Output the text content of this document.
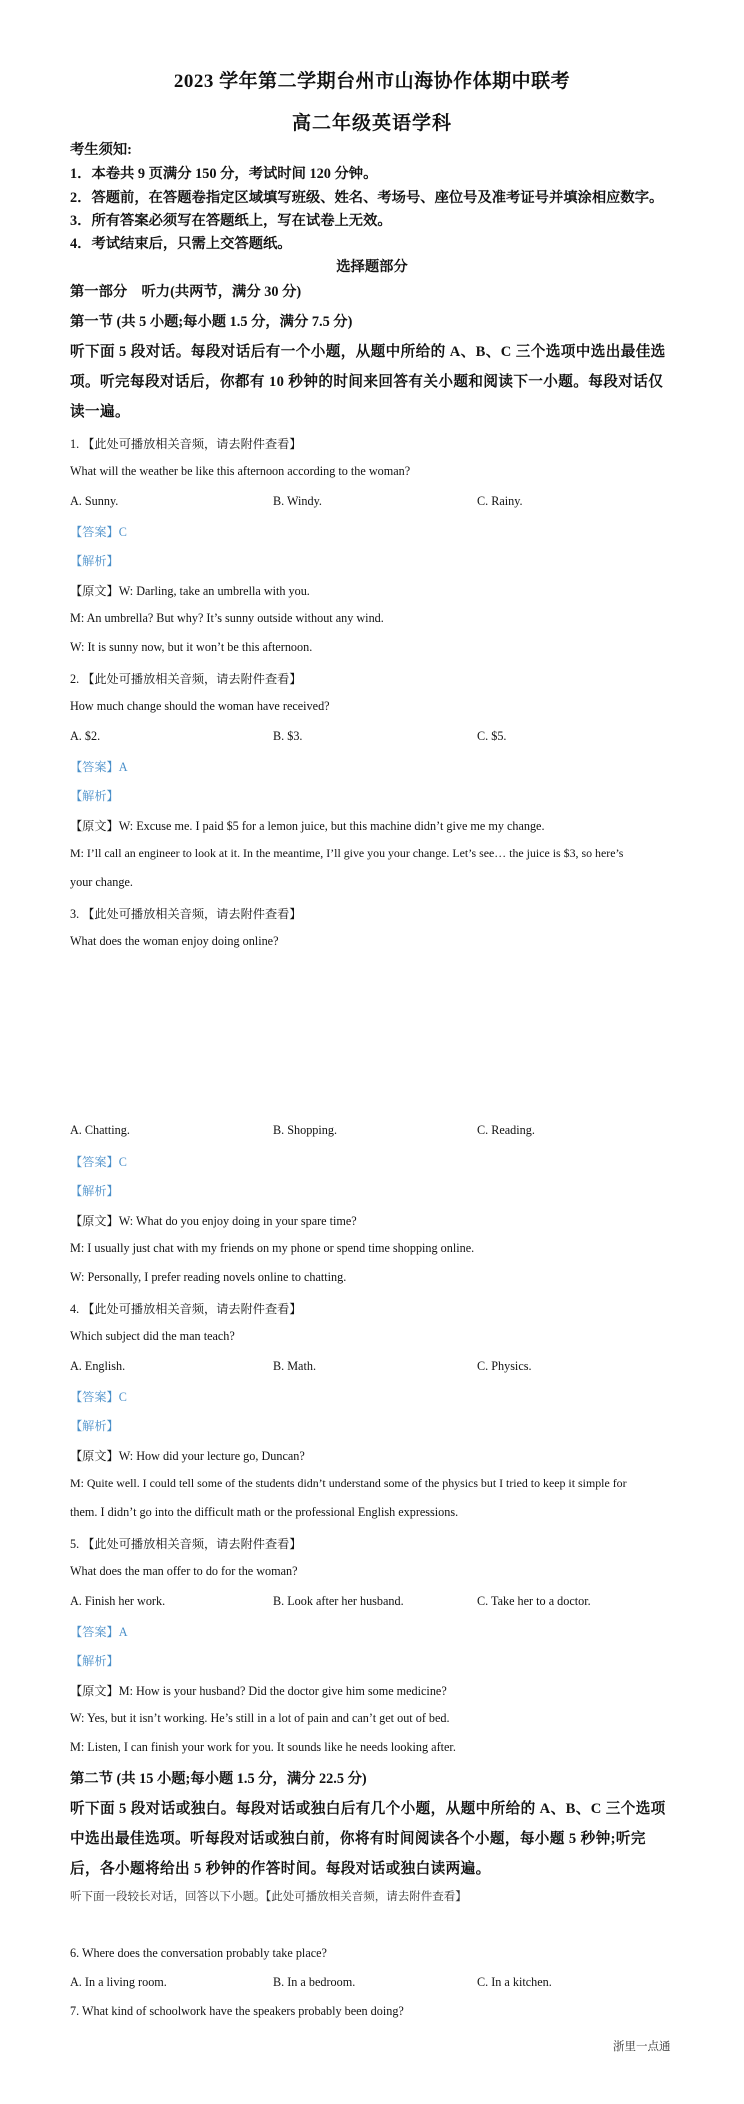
2023 学年第二学期台州市山海协作体期中联考
高二年级英语学科
考生须知:
1．本卷共 9 页满分 150 分，考试时间 120 分钟。
2．答题前，在答题卷指定区域填写班级、姓名、考场号、座位号及准考证号并填涂相应数字。
3．所有答案必须写在答题纸上，写在试卷上无效。
4．考试结束后，只需上交答题纸。
选择题部分
第一部分　听力(共两节，满分 30 分)
第一节 (共 5 小题;每小题 1.5 分，满分 7.5 分)
听下面 5 段对话。每段对话后有一个小题，从题中所给的 A、B、C 三个选项中选出最佳选
项。听完每段对话后，你都有 10 秒钟的时间来回答有关小题和阅读下一小题。每段对话仅
读一遍。
1. 【此处可播放相关音频，请去附件查看】
What will the weather be like this afternoon according to the woman?
A. Sunny.	B. Windy.	C. Rainy.
【答案】C
【解析】
【原文】W: Darling, take an umbrella with you.
M: An umbrella? But why? It’s sunny outside without any wind.
W: It is sunny now, but it won’t be this afternoon.
2. 【此处可播放相关音频，请去附件查看】
How much change should the woman have received?
A. $2.	B. $3.	C. $5.
【答案】A
【解析】
【原文】W: Excuse me. I paid $5 for a lemon juice, but this machine didn’t give me my change.
M: I’ll call an engineer to look at it. In the meantime, I’ll give you your change. Let’s see… the juice is $3, so here’s
your change.
3. 【此处可播放相关音频，请去附件查看】
What does the woman enjoy doing online?
A. Chatting.	B. Shopping.	C. Reading.
【答案】C
【解析】
【原文】W: What do you enjoy doing in your spare time?
M: I usually just chat with my friends on my phone or spend time shopping online.
W: Personally, I prefer reading novels online to chatting.
4. 【此处可播放相关音频，请去附件查看】
Which subject did the man teach?
A. English.	B. Math.	C. Physics.
【答案】C
【解析】
【原文】W: How did your lecture go, Duncan?
M: Quite well. I could tell some of the students didn’t understand some of the physics but I tried to keep it simple for
them. I didn’t go into the difficult math or the professional English expressions.
5. 【此处可播放相关音频，请去附件查看】
What does the man offer to do for the woman?
A. Finish her work.	B. Look after her husband.	C. Take her to a doctor.
【答案】A
【解析】
【原文】M: How is your husband? Did the doctor give him some medicine?
W: Yes, but it isn’t working. He’s still in a lot of pain and can’t get out of bed.
M: Listen, I can finish your work for you. It sounds like he needs looking after.
第二节 (共 15 小题;每小题 1.5 分，满分 22.5 分)
听下面 5 段对话或独白。每段对话或独白后有几个小题，从题中所给的 A、B、C 三个选项
中选出最佳选项。听每段对话或独白前，你将有时间阅读各个小题，每小题 5 秒钟;听完
后，各小题将给出 5 秒钟的作答时间。每段对话或独白读两遍。
听下面一段较长对话，回答以下小题。【此处可播放相关音频，请去附件查看】
6. Where does the conversation probably take place?
A. In a living room.	B. In a bedroom.	C. In a kitchen.
7. What kind of schoolwork have the speakers probably been doing?
浙里一点通
